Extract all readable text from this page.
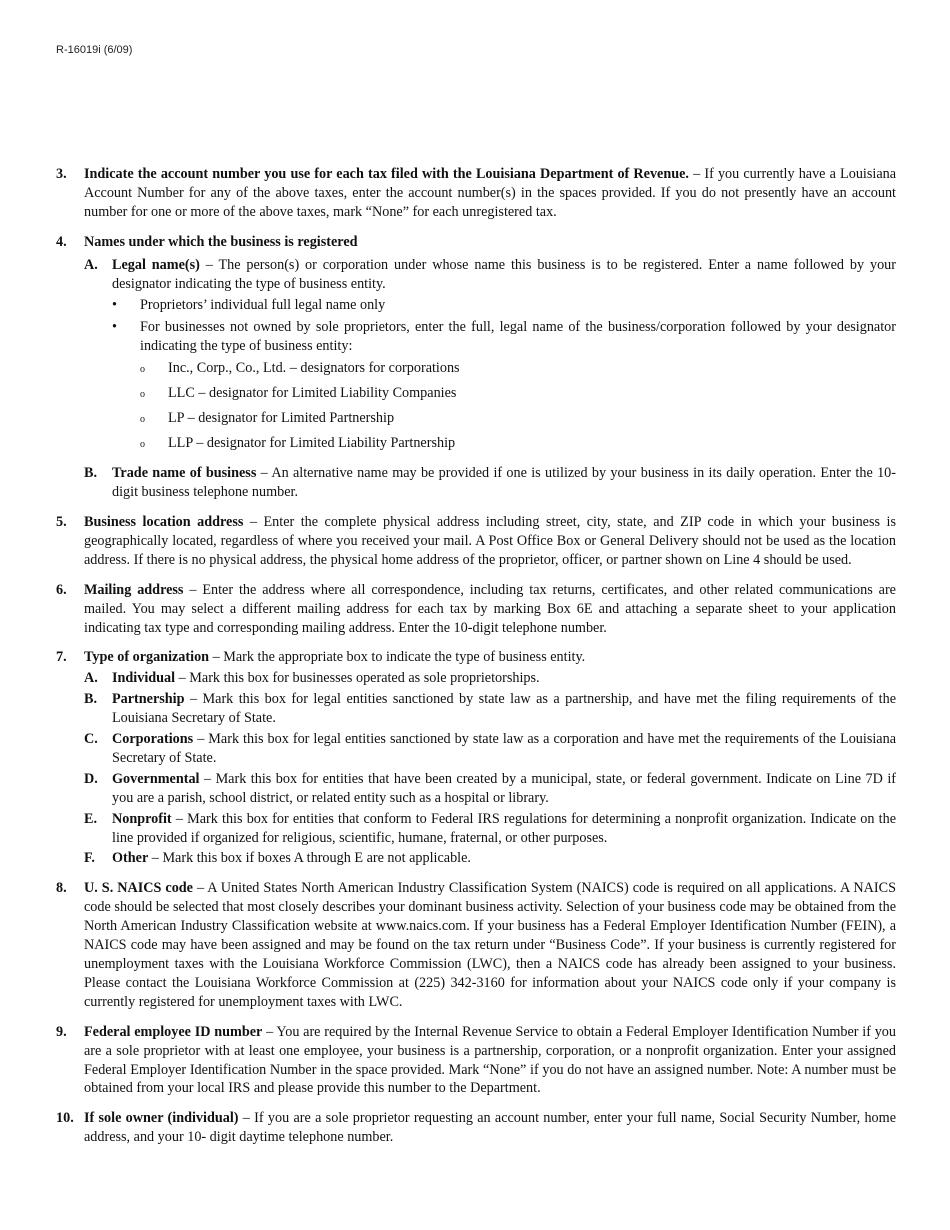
R-16019i (6/09)
3.	Indicate the account number you use for each tax filed with the Louisiana Department of Revenue. – If you currently have a Louisiana Account Number for any of the above taxes, enter the account number(s) in the spaces provided. If you do not presently have an account number for one or more of the above taxes, mark “None” for each unregistered tax.

4.	Names under which the business is registered

A.	Legal name(s) – The person(s) or corporation under whose name this business is to be registered. Enter a name followed by your designator indicating the type of business entity.
•	Proprietors’ individual full legal name only
•	For businesses not owned by sole proprietors, enter the full, legal name of the business/corporation followed by your designator indicating the type of business entity:
o	Inc., Corp., Co., Ltd. – designators for corporations
o	LLC – designator for Limited Liability Companies
o	LP – designator for Limited Partnership
o	LLP – designator for Limited Liability Partnership
B.	Trade name of business – An alternative name may be provided if one is utilized by your business in its daily operation. Enter the 10-digit business telephone number.
5.	Business location address – Enter the complete physical address including street, city, state, and ZIP code in which your business is geographically located, regardless of where you received your mail. A Post Office Box or General Delivery should not be used as the location address. If there is no physical address, the physical home address of the proprietor, officer, or partner shown on Line 4 should be used.

6.	Mailing address – Enter the address where all correspondence, including tax returns, certificates, and other related communications are mailed. You may select a different mailing address for each tax by marking Box 6E and attaching a separate sheet to your application indicating tax type and corresponding mailing address. Enter the 10-digit telephone number.

7.	Type of organization – Mark the appropriate box to indicate the type of business entity.

A.	Individual – Mark this box for businesses operated as sole proprietorships.
B.	Partnership – Mark this box for legal entities sanctioned by state law as a partnership, and have met the filing requirements of the Louisiana Secretary of State.
C.	Corporations – Mark this box for legal entities sanctioned by state law as a corporation and have met the requirements of the Louisiana Secretary of State.
D.	Governmental – Mark this box for entities that have been created by a municipal, state, or federal government. Indicate on Line 7D if you are a parish, school district, or related entity such as a hospital or library.
E.	Nonprofit – Mark this box for entities that conform to Federal IRS regulations for determining a nonprofit organization. Indicate on the line provided if organized for religious, scientific, humane, fraternal, or other purposes.
F.	Other – Mark this box if boxes A through E are not applicable.
8.	U. S. NAICS code – A United States North American Industry Classification System (NAICS) code is required on all applications. A NAICS code should be selected that most closely describes your dominant business activity. Selection of your business code may be obtained from the North American Industry Classification website at www.naics.com. If your business has a Federal Employer Identification Number (FEIN), a NAICS code may have been assigned and may be found on the tax return under “Business Code”. If your business is currently registered for unemployment taxes with the Louisiana Workforce Commission (LWC), then a NAICS code has already been assigned to your business. Please contact the Louisiana Workforce Commission at (225) 342-3160 for information about your NAICS code only if your company is currently registered for unemployment taxes with LWC.

9.	Federal employee ID number – You are required by the Internal Revenue Service to obtain a Federal Employer Identification Number if you are a sole proprietor with at least one employee, your business is a partnership, corporation, or a nonprofit organization. Enter your assigned Federal Employer Identification Number in the space provided. Mark “None” if you do not have an assigned number. Note: A number must be obtained from your local IRS and please provide this number to the Department.

10. If sole owner (individual) – If you are a sole proprietor requesting an account number, enter your full name, Social Security Number, home address, and your 10- digit daytime telephone number.
